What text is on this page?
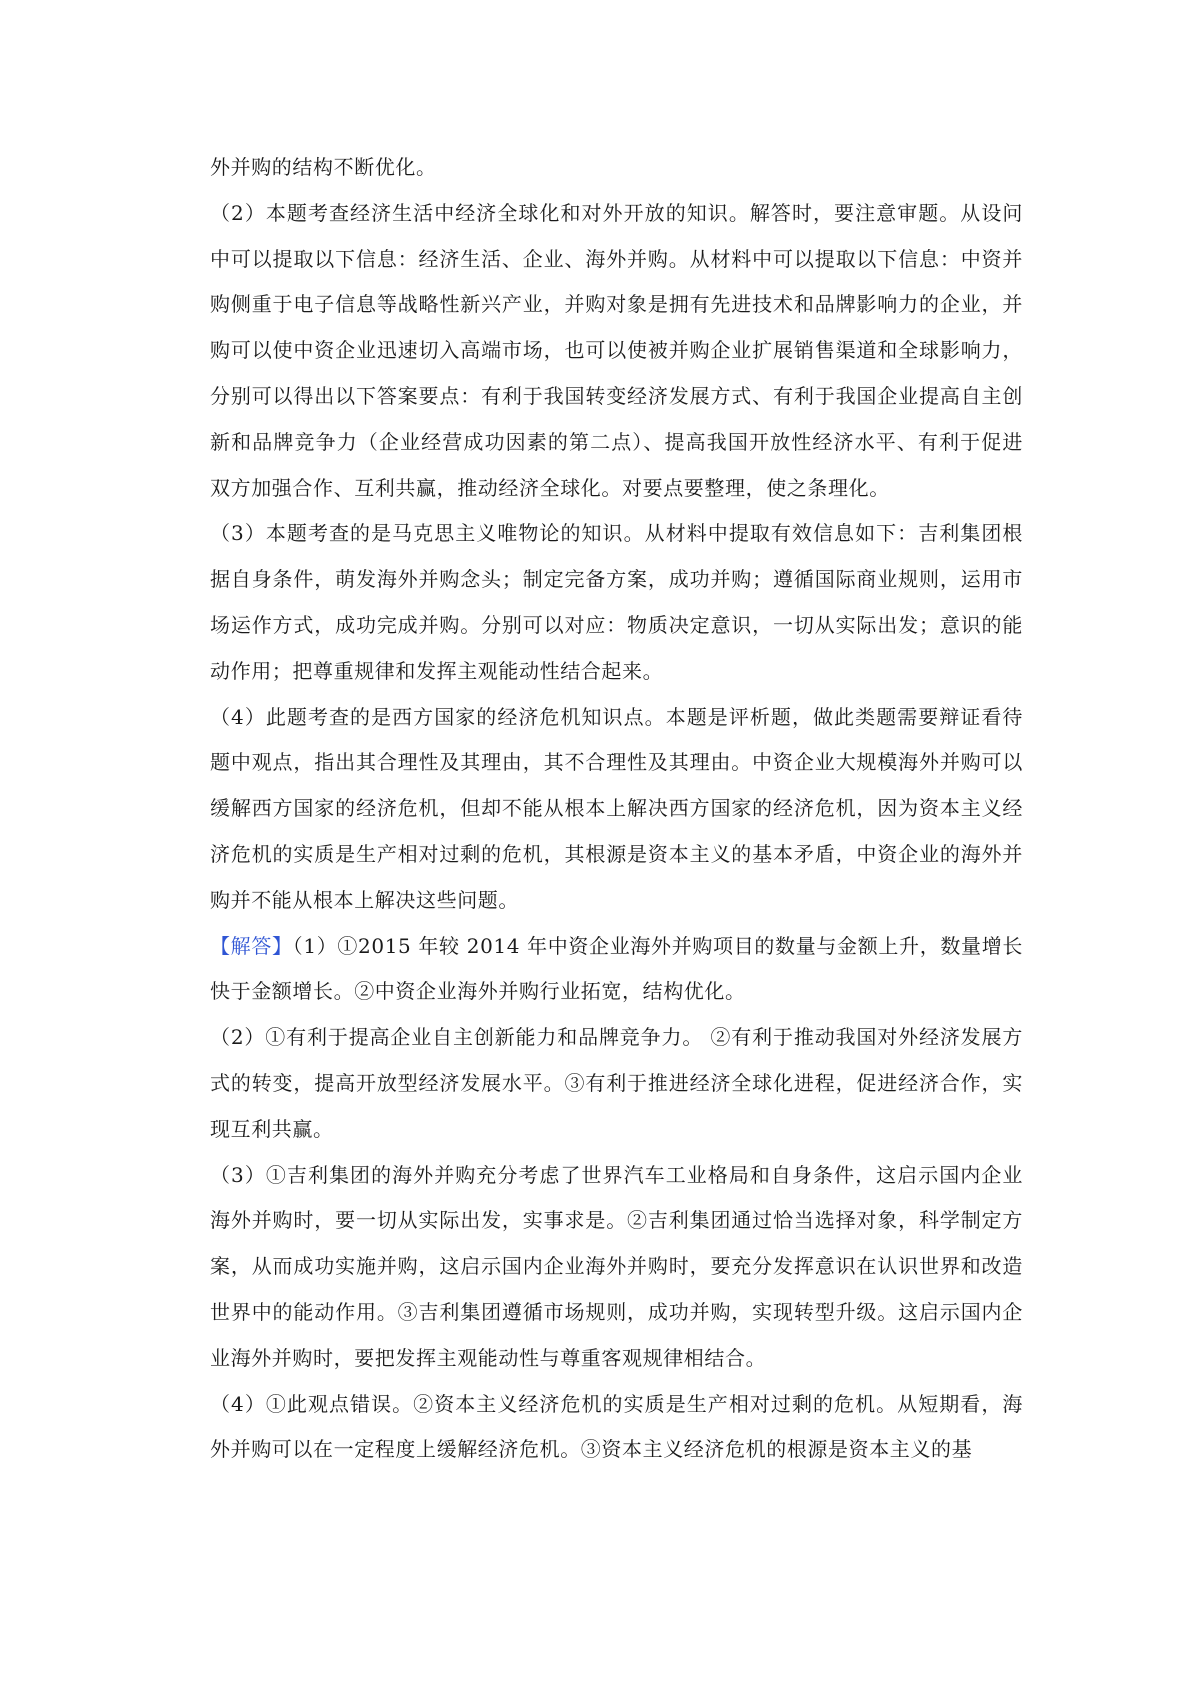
外并购的结构不断优化。

（2）本题考查经济生活中经济全球化和对外开放的知识。解答时，要注意审题。从设问中可以提取以下信息：经济生活、企业、海外并购。从材料中可以提取以下信息：中资并购侧重于电子信息等战略性新兴产业，并购对象是拥有先进技术和品牌影响力的企业，并购可以使中资企业迅速切入高端市场，也可以使被并购企业扩展销售渠道和全球影响力，分别可以得出以下答案要点：有利于我国转变经济发展方式、有利于我国企业提高自主创新和品牌竞争力（企业经营成功因素的第二点）、提高我国开放性经济水平、有利于促进双方加强合作、互利共赢，推动经济全球化。对要点要整理，使之条理化。

（3）本题考查的是马克思主义唯物论的知识。从材料中提取有效信息如下：吉利集团根据自身条件，萌发海外并购念头；制定完备方案，成功并购；遵循国际商业规则，运用市场运作方式，成功完成并购。分别可以对应：物质决定意识，一切从实际出发；意识的能动作用；把尊重规律和发挥主观能动性结合起来。

（4）此题考查的是西方国家的经济危机知识点。本题是评析题，做此类题需要辩证看待题中观点，指出其合理性及其理由，其不合理性及其理由。中资企业大规模海外并购可以缓解西方国家的经济危机，但却不能从根本上解决西方国家的经济危机，因为资本主义经济危机的实质是生产相对过剩的危机，其根源是资本主义的基本矛盾，中资企业的海外并购并不能从根本上解决这些问题。

【解答】（1）①2015 年较 2014 年中资企业海外并购项目的数量与金额上升，数量增长快于金额增长。②中资企业海外并购行业拓宽，结构优化。

（2）①有利于提高企业自主创新能力和品牌竞争力。 ②有利于推动我国对外经济发展方式的转变，提高开放型经济发展水平。③有利于推进经济全球化进程，促进经济合作，实现互利共赢。

（3）①吉利集团的海外并购充分考虑了世界汽车工业格局和自身条件，这启示国内企业海外并购时，要一切从实际出发，实事求是。②吉利集团通过恰当选择对象，科学制定方案，从而成功实施并购，这启示国内企业海外并购时，要充分发挥意识在认识世界和改造世界中的能动作用。③吉利集团遵循市场规则，成功并购，实现转型升级。这启示国内企业海外并购时，要把发挥主观能动性与尊重客观规律相结合。

（4）①此观点错误。②资本主义经济危机的实质是生产相对过剩的危机。从短期看，海外并购可以在一定程度上缓解经济危机。③资本主义经济危机的根源是资本主义的基
